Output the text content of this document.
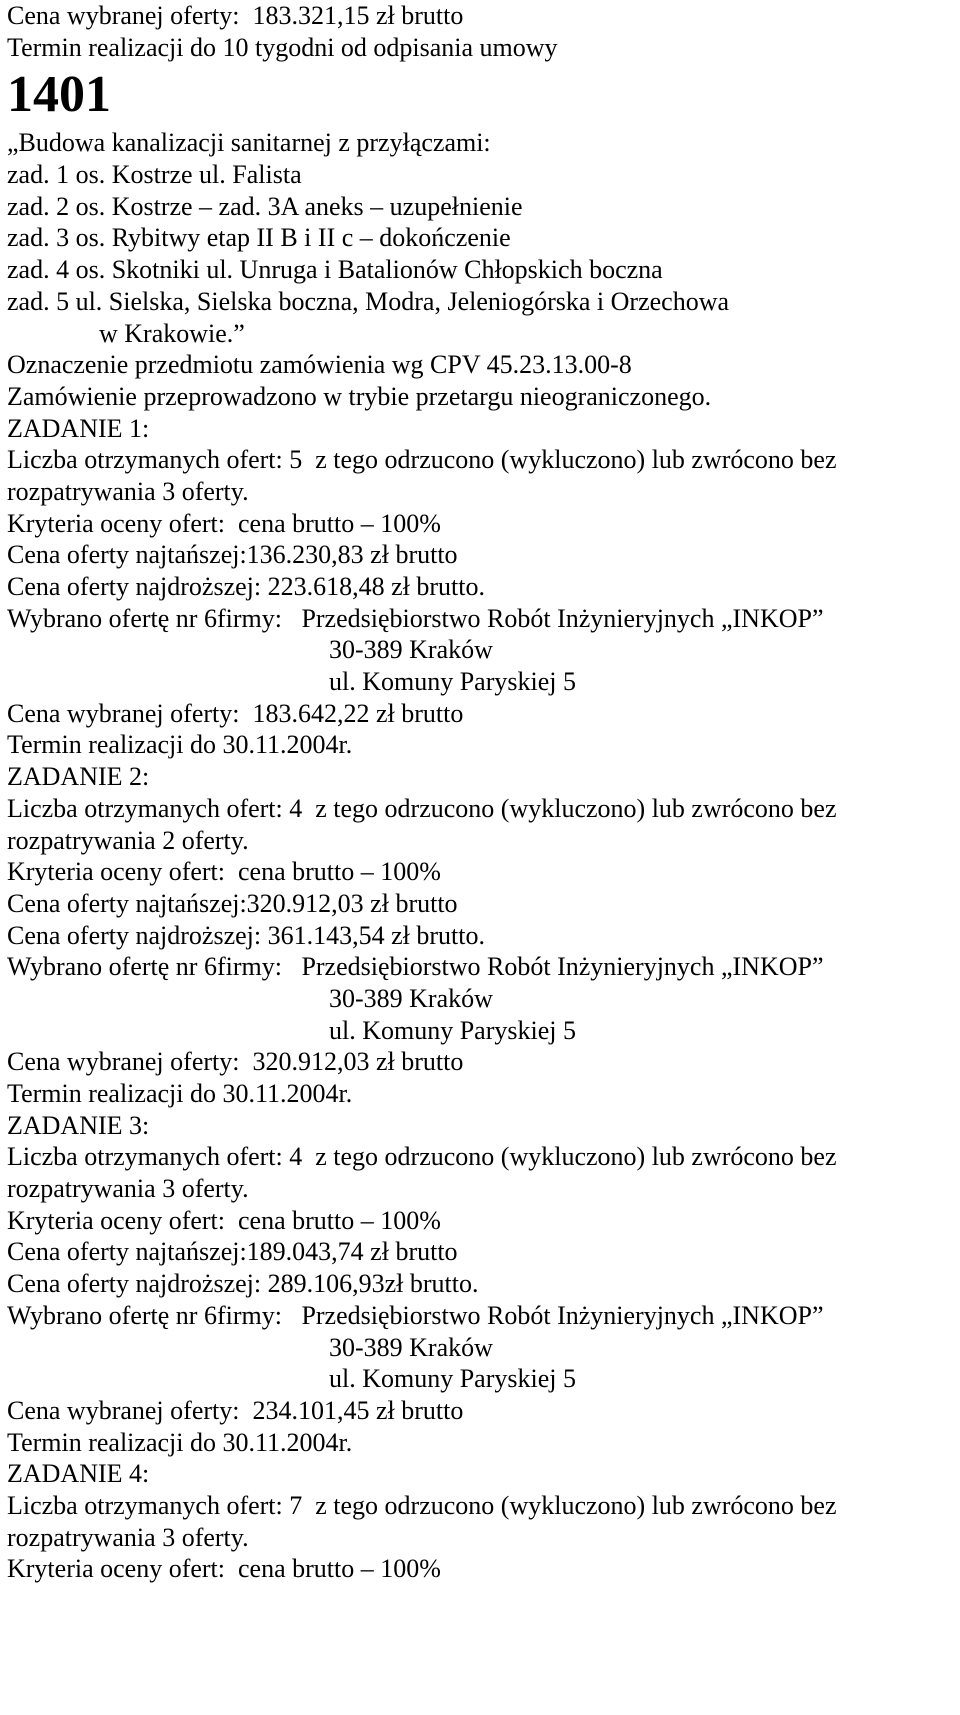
Cena wybranej oferty:  183.321,15 zł brutto
Termin realizacji do 10 tygodni od odpisania umowy
1401
„Budowa kanalizacji sanitarnej z przyłączami:
zad. 1 os. Kostrze ul. Falista
zad. 2 os. Kostrze – zad. 3A aneks – uzupełnienie
zad. 3 os. Rybitwy etap II B i II c – dokończenie
zad. 4 os. Skotniki ul. Unruga i Batalionów Chłopskich boczna
zad. 5 ul. Sielska, Sielska boczna, Modra, Jeleniogórska i Orzechowa
w Krakowie.”
Oznaczenie przedmiotu zamówienia wg CPV 45.23.13.00-8
Zamówienie przeprowadzono w trybie przetargu nieograniczonego.
ZADANIE 1:
Liczba otrzymanych ofert: 5  z tego odrzucono (wykluczono) lub zwrócono bez
rozpatrywania 3 oferty.
Kryteria oceny ofert:  cena brutto – 100%
Cena oferty najtańszej:136.230,83 zł brutto
Cena oferty najdroższej: 223.618,48 zł brutto.
Wybrano ofertę nr 6firmy:   Przedsiębiorstwo Robót Inżynieryjnych „INKOP”
30-389 Kraków
ul. Komuny Paryskiej 5
Cena wybranej oferty:  183.642,22 zł brutto
Termin realizacji do 30.11.2004r.
ZADANIE 2:
Liczba otrzymanych ofert: 4  z tego odrzucono (wykluczono) lub zwrócono bez
rozpatrywania 2 oferty.
Kryteria oceny ofert:  cena brutto – 100%
Cena oferty najtańszej:320.912,03 zł brutto
Cena oferty najdroższej: 361.143,54 zł brutto.
Wybrano ofertę nr 6firmy:   Przedsiębiorstwo Robót Inżynieryjnych „INKOP”
30-389 Kraków
ul. Komuny Paryskiej 5
Cena wybranej oferty:  320.912,03 zł brutto
Termin realizacji do 30.11.2004r.
ZADANIE 3:
Liczba otrzymanych ofert: 4  z tego odrzucono (wykluczono) lub zwrócono bez
rozpatrywania 3 oferty.
Kryteria oceny ofert:  cena brutto – 100%
Cena oferty najtańszej:189.043,74 zł brutto
Cena oferty najdroższej: 289.106,93zł brutto.
Wybrano ofertę nr 6firmy:   Przedsiębiorstwo Robót Inżynieryjnych „INKOP”
30-389 Kraków
ul. Komuny Paryskiej 5
Cena wybranej oferty:  234.101,45 zł brutto
Termin realizacji do 30.11.2004r.
ZADANIE 4:
Liczba otrzymanych ofert: 7  z tego odrzucono (wykluczono) lub zwrócono bez
rozpatrywania 3 oferty.
Kryteria oceny ofert:  cena brutto – 100%
